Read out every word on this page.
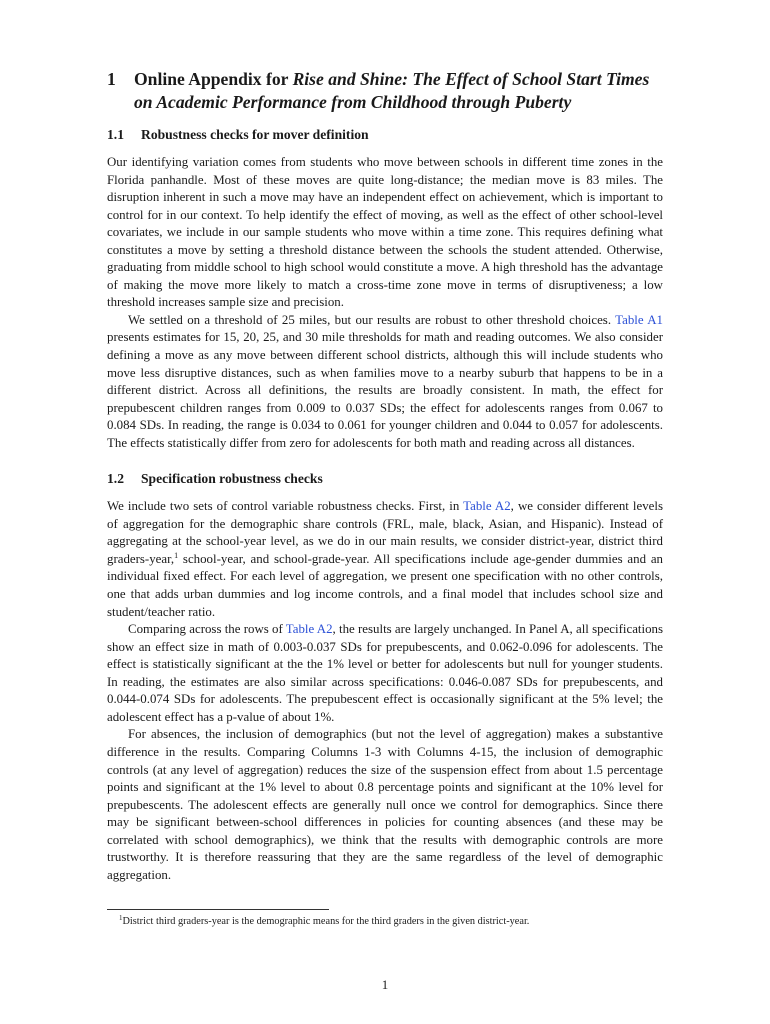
1	Online Appendix for Rise and Shine: The Effect of School Start Times on Academic Performance from Childhood through Puberty
1.1	Robustness checks for mover definition

Our identifying variation comes from students who move between schools in different time zones in the Florida panhandle. Most of these moves are quite long-distance; the median move is 83 miles. The disruption inherent in such a move may have an independent effect on achievement, which is important to control for in our context. To help identify the effect of moving, as well as the effect of other school-level covariates, we include in our sample students who move within a time zone. This requires defining what constitutes a move by setting a threshold distance between the schools the student attended. Otherwise, graduating from middle school to high school would constitute a move. A high threshold has the advantage of making the move more likely to match a cross-time zone move in terms of disruptiveness; a low threshold increases sample size and precision.

We settled on a threshold of 25 miles, but our results are robust to other threshold choices. Table A1 presents estimates for 15, 20, 25, and 30 mile thresholds for math and reading outcomes. We also consider defining a move as any move between different school districts, although this will include students who move less disruptive distances, such as when families move to a nearby suburb that happens to be in a different district. Across all definitions, the results are broadly consistent. In math, the effect for prepubescent children ranges from 0.009 to 0.037 SDs; the effect for adolescents ranges from 0.067 to 0.084 SDs. In reading, the range is 0.034 to 0.061 for younger children and 0.044 to 0.057 for adolescents. The effects statistically differ from zero for adolescents for both math and reading across all distances.

1.2	Specification robustness checks

We include two sets of control variable robustness checks. First, in Table A2, we consider different levels of aggregation for the demographic share controls (FRL, male, black, Asian, and Hispanic). Instead of aggregating at the school-year level, as we do in our main results, we consider district-year, district third graders-year,$^1$ school-year, and school-grade-year. All specifications include age-gender dummies and an individual fixed effect. For each level of aggregation, we present one specification with no other controls, one that adds urban dummies and log income controls, and a final model that includes school size and student/teacher ratio.

Comparing across the rows of Table A2, the results are largely unchanged. In Panel A, all specifications show an effect size in math of 0.003-0.037 SDs for prepubescents, and 0.062-0.096 for adolescents. The effect is statistically significant at the the 1% level or better for adolescents but null for younger students. In reading, the estimates are also similar across specifications: 0.046-0.087 SDs for prepubescents, and 0.044-0.074 SDs for adolescents. The prepubescent effect is occasionally significant at the 5% level; the adolescent effect has a p-value of about 1%.

For absences, the inclusion of demographics (but not the level of aggregation) makes a substantive difference in the results. Comparing Columns 1-3 with Columns 4-15, the inclusion of demographic controls (at any level of aggregation) reduces the size of the suspension effect from about 1.5 percentage points and significant at the 1% level to about 0.8 percentage points and significant at the 10% level for prepubescents. The adolescent effects are generally null once we control for demographics. Since there may be significant between-school differences in policies for counting absences (and these may be correlated with school demographics), we think that the results with demographic controls are more trustworthy. It is therefore reassuring that they are the same regardless of the level of demographic aggregation.

$^1$District third graders-year is the demographic means for the third graders in the given district-year.
1
